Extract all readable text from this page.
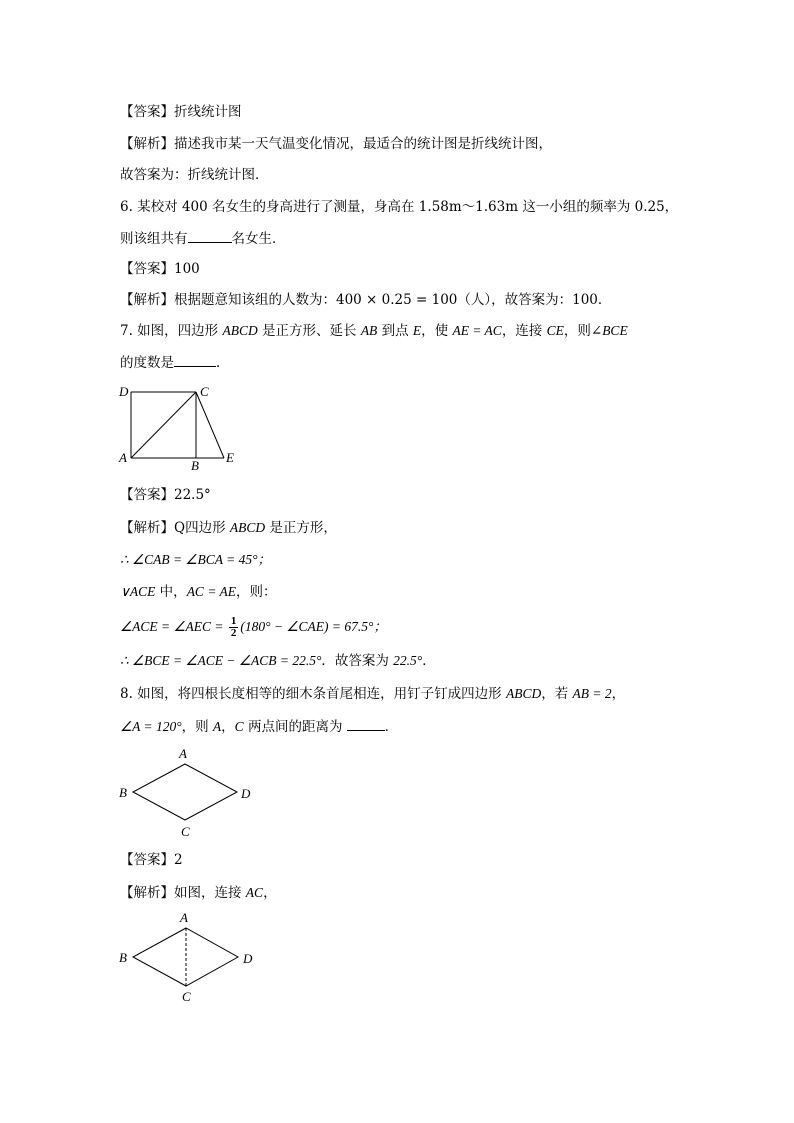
【答案】折线统计图
【解析】描述我市某一天气温变化情况，最适合的统计图是折线统计图，
故答案为：折线统计图．
6. 某校对 400 名女生的身高进行了测量，身高在 1.58m～1.63m 这一小组的频率为 0.25，
则该组共有	名女生．
【答案】100
【解析】根据题意知该组的人数为：400 × 0.25 = 100（人），故答案为：100．
7. 如图，四边形 ABCD 是正方形、延长 AB 到点 E，使 AE = AC，连接 CE，则∠BCE
的度数是	．
D	C
A
B
E
【答案】22.5°
【解析】Q四边形 ABCD 是正方形，
∴ ∠CAB = ∠BCA = 45°；
∨ACE 中，AC = AE，则：
∠ACE = ∠AEC = $\frac{1}{2} (180^\circ$ − ∠CAE) = 67.5°；
∴ ∠BCE = ∠ACE − ∠ACB = 22.5°．故答案为 22.5°．
8. 如图，将四根长度相等的细木条首尾相连，用钉子钉成四边形 ABCD，若 AB = 2，
∠A = 120°，则 A，C 两点间的距离为	．
A
B
C
D
【答案】2
【解析】如图，连接 AC，
A
B
C
D
